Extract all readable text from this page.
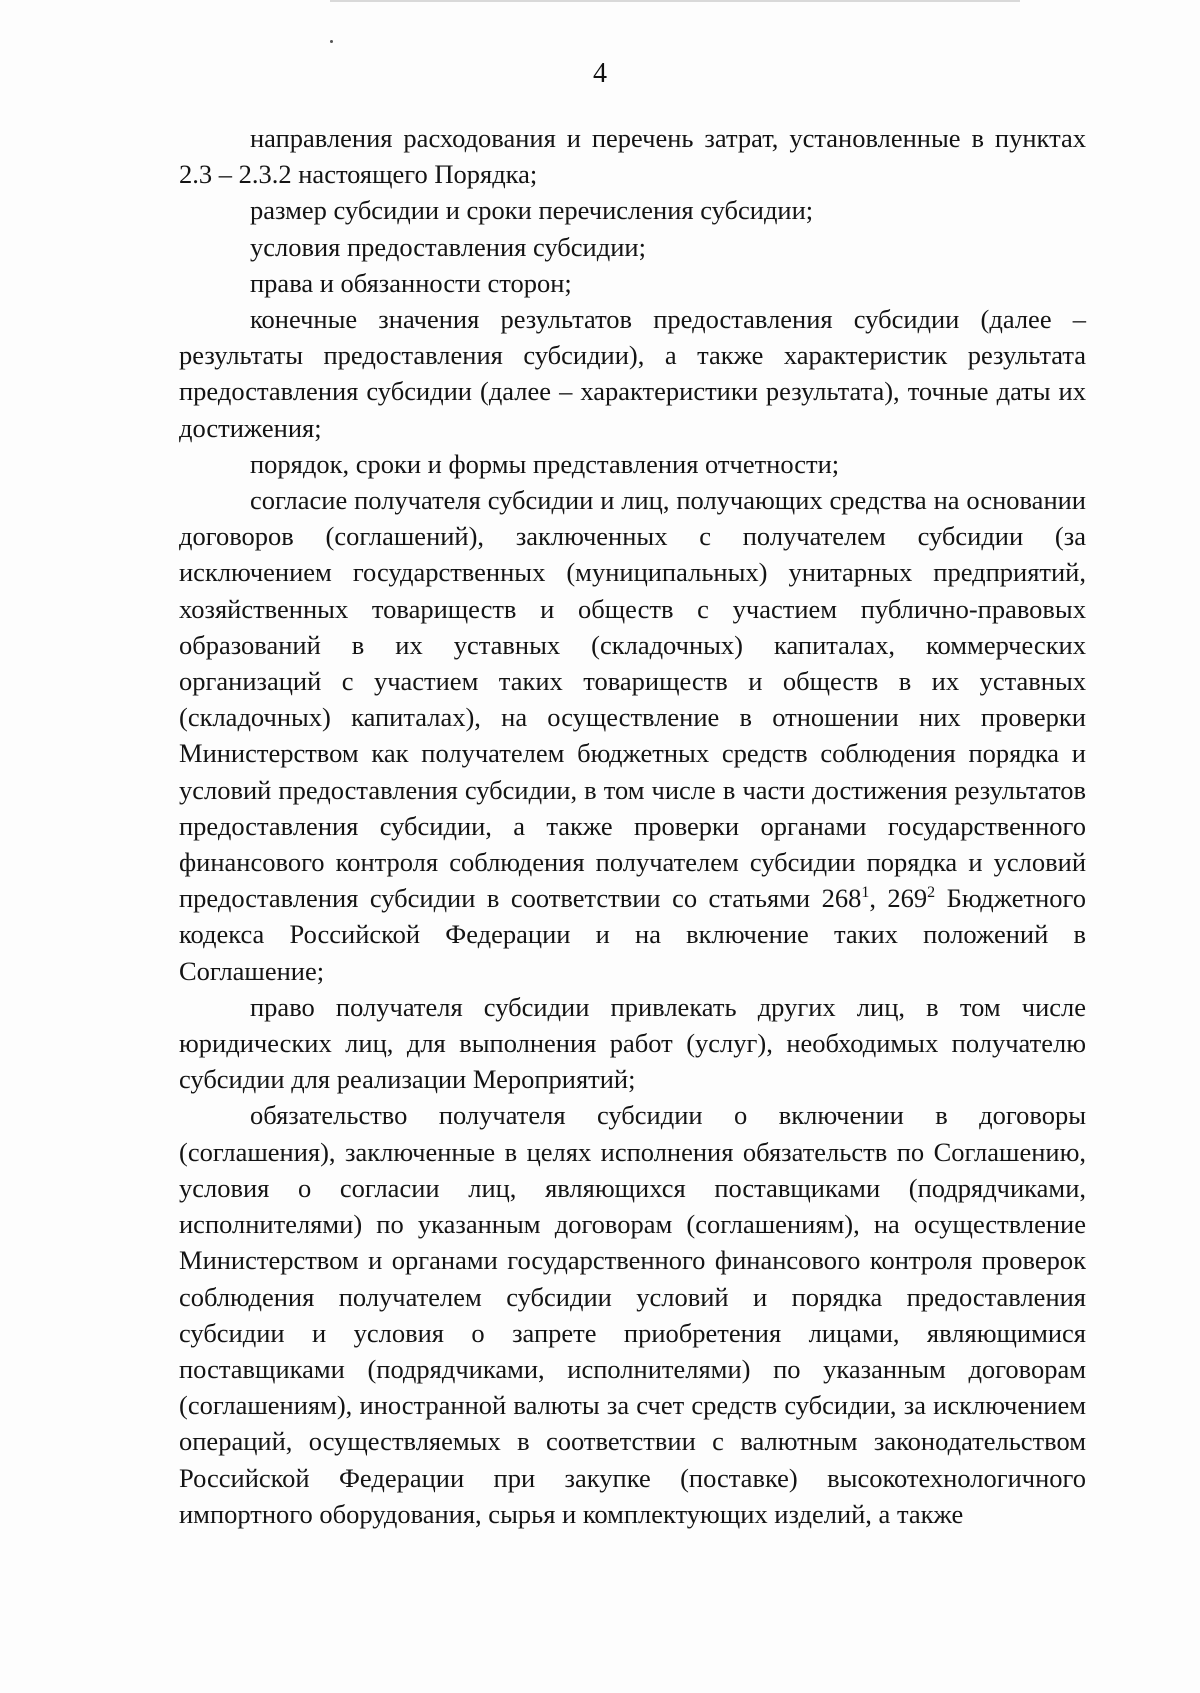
4

направления расходования и перечень затрат, установленные в пунктах 2.3 – 2.3.2 настоящего Порядка;

размер субсидии и сроки перечисления субсидии;

условия предоставления субсидии;

права и обязанности сторон;

конечные значения результатов предоставления субсидии (далее – результаты предоставления субсидии), а также характеристик результата предоставления субсидии (далее – характеристики результата), точные даты их достижения;

порядок, сроки и формы представления отчетности;

согласие получателя субсидии и лиц, получающих средства на основании договоров (соглашений), заключенных с получателем субсидии (за исключением государственных (муниципальных) унитарных предприятий, хозяйственных товариществ и обществ с участием публично-правовых образований в их уставных (складочных) капиталах, коммерческих организаций с участием таких товариществ и обществ в их уставных (складочных) капиталах), на осуществление в отношении них проверки Министерством как получателем бюджетных средств соблюдения порядка и условий предоставления субсидии, в том числе в части достижения результатов предоставления субсидии, а также проверки органами государственного финансового контроля соблюдения получателем субсидии порядка и условий предоставления субсидии в соответствии со статьями $268^1$, $269^2$ Бюджетного кодекса Российской Федерации и на включение таких положений в Соглашение;

право получателя субсидии привлекать других лиц, в том числе юридических лиц, для выполнения работ (услуг), необходимых получателю субсидии для реализации Мероприятий;

обязательство получателя субсидии о включении в договоры (соглашения), заключенные в целях исполнения обязательств по Соглашению, условия о согласии лиц, являющихся поставщиками (подрядчиками, исполнителями) по указанным договорам (соглашениям), на осуществление Министерством и органами государственного финансового контроля проверок соблюдения получателем субсидии условий и порядка предоставления субсидии и условия о запрете приобретения лицами, являющимися поставщиками (подрядчиками, исполнителями) по указанным договорам (соглашениям), иностранной валюты за счет средств субсидии, за исключением операций, осуществляемых в соответствии с валютным законодательством Российской Федерации при закупке (поставке) высокотехнологичного импортного оборудования, сырья и комплектующих изделий, а также
